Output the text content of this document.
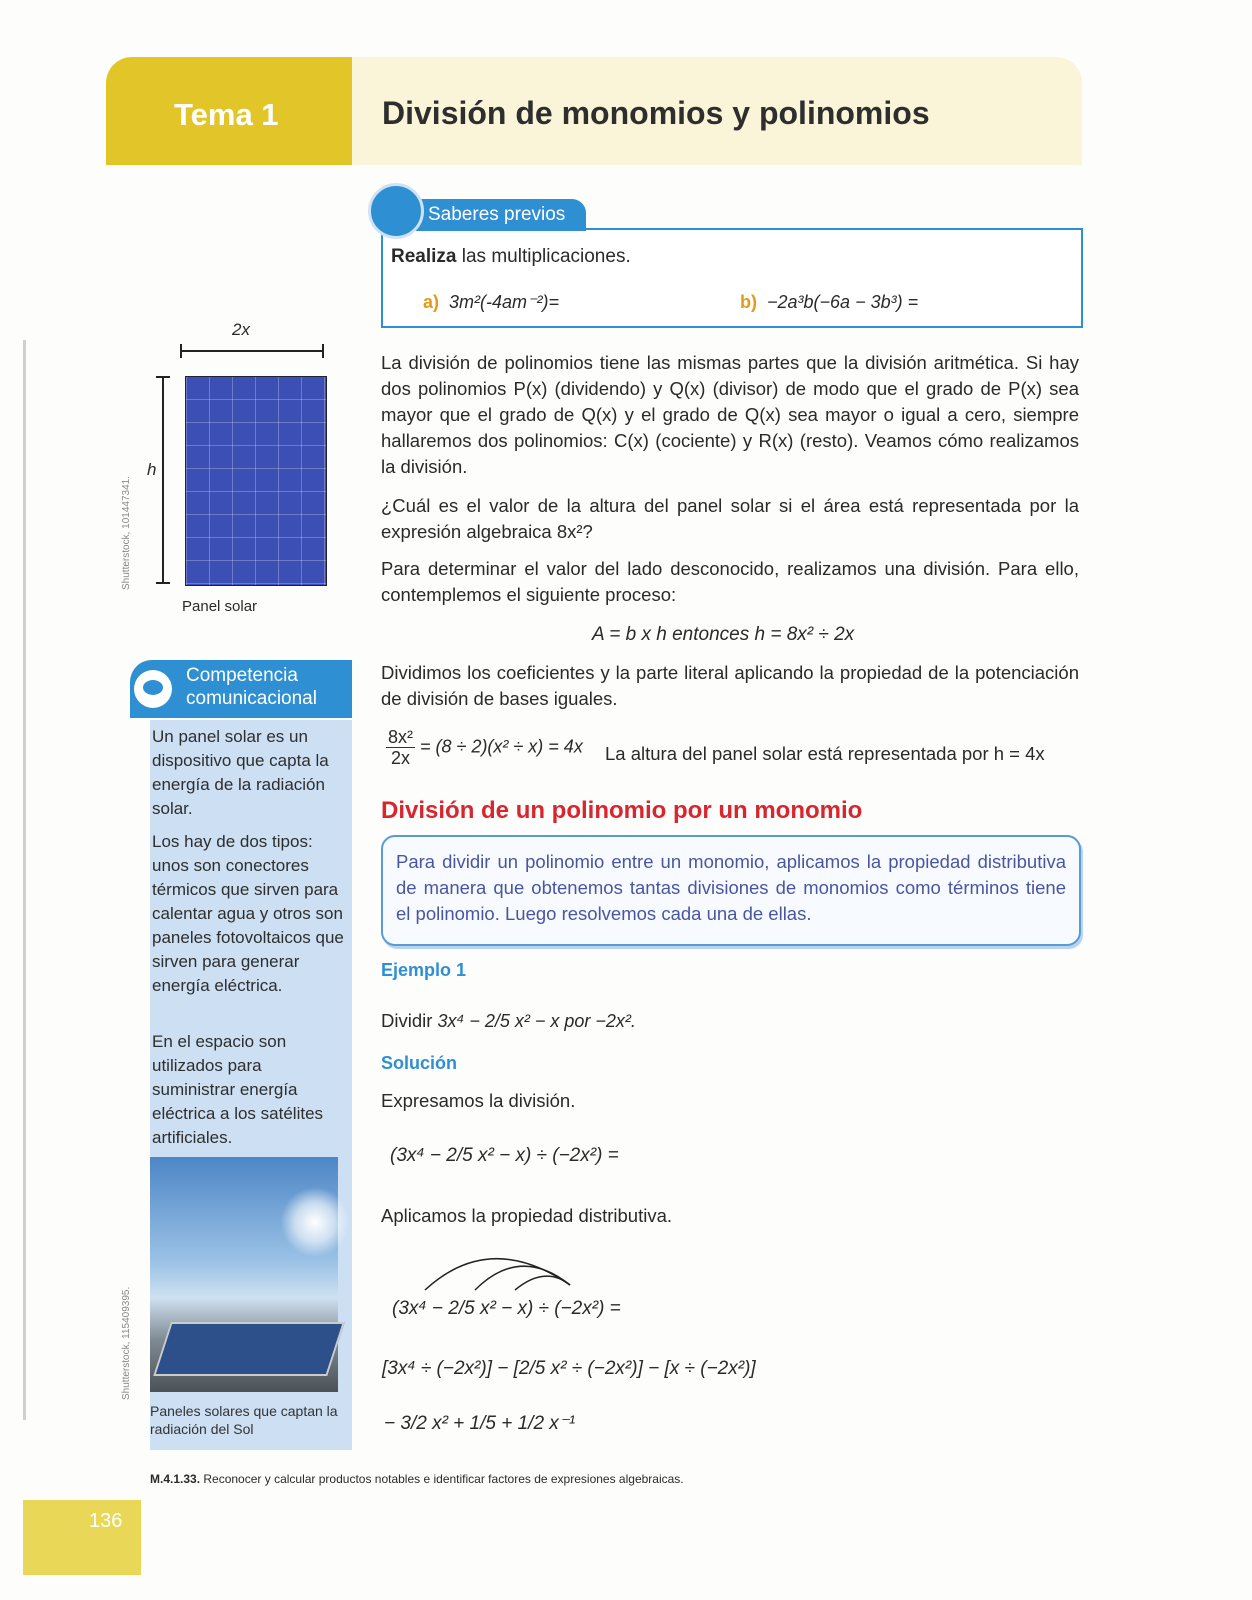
Tema 1	División de monomios y polinomios
2x
h
Panel solar
Shutterstock, 101447341.
Competencia
comunicacional
Un panel solar es un dispositivo que capta la energía de la radiación solar.
Los hay de dos tipos: unos son conectores térmicos que sirven para calentar agua y otros son paneles fotovoltaicos que sirven para generar energía eléctrica.
En el espacio son utilizados para suministrar energía eléctrica a los satélites artificiales.
Paneles solares que captan la radiación del Sol
Shutterstock, 115409395.
Realiza las multiplicaciones.
a) 3m²(-4am⁻²)=	b) −2a³b(−6a − 3b³) =
Saberes previos
La división de polinomios tiene las mismas partes que la división aritmética. Si hay dos polinomios P(x) (dividendo) y Q(x) (divisor) de modo que el grado de P(x) sea mayor que el grado de Q(x) y el grado de Q(x) sea mayor o igual a cero, siempre hallaremos dos polinomios: C(x) (cociente) y R(x) (resto). Veamos cómo realizamos la división.
¿Cuál es el valor de la altura del panel solar si el área está representada por la expresión algebraica 8x²?
Para determinar el valor del lado desconocido, realizamos una división. Para ello, contemplemos el siguiente proceso:
A = b x h entonces h = 8x² ÷ 2x
Dividimos los coeficientes y la parte literal aplicando la propiedad de la potenciación de división de bases iguales.
$\frac{\text{8x²}}{2x} = (8 \div 2)(x^2 \div x) = 4x$ La altura del panel solar está representada por h = 4x
División de un polinomio por un monomio
Para dividir un polinomio entre un monomio, aplicamos la propiedad distributiva de manera que obtenemos tantas divisiones de monomios como términos tiene el polinomio. Luego resolvemos cada una de ellas.
Ejemplo 1
Dividir 3x⁴ − 2/5 x² − x por −2x².
Solución
Expresamos la división.
(3x⁴ − 2/5 x² − x) ÷ (−2x²) =
Aplicamos la propiedad distributiva.
(3x⁴ − 2/5 x² − x) ÷ (−2x²) =
[3x⁴ ÷ (−2x²)] − [2/5 x² ÷ (−2x²)] − [x ÷ (−2x²)]
− 3/2 x² + 1/5 + 1/2 x⁻¹
M.4.1.33. Reconocer y calcular productos notables e identificar factores de expresiones algebraicas.
136
